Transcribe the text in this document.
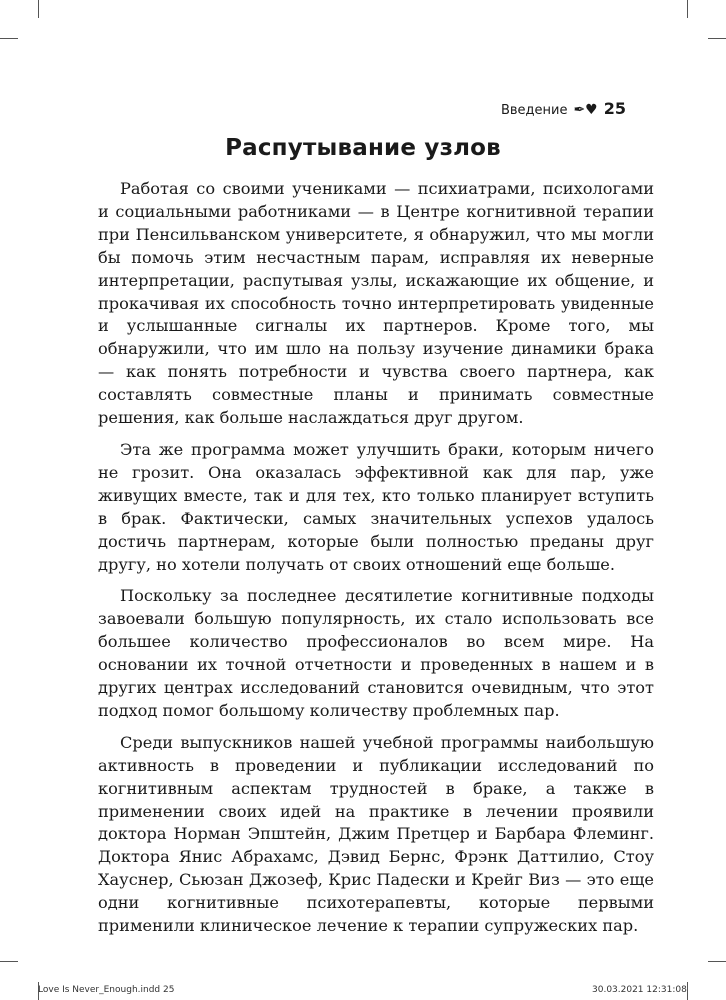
Введение ✒♥ 25
Распутывание узлов

Работая со своими учениками — психиатрами, психологами и социальными работниками — в Центре когнитивной терапии при Пенсильванском университете, я обнаружил, что мы могли бы помочь этим несчастным парам, исправляя их неверные интерпретации, распутывая узлы, искажающие их общение, и прокачивая их способность точно интерпретировать увиденные и услышанные сигналы их партнеров. Кроме того, мы обнаружили, что им шло на пользу изучение динамики брака — как понять потребности и чувства своего партнера, как составлять совместные планы и принимать совместные решения, как больше наслаждаться друг другом.

Эта же программа может улучшить браки, которым ничего не грозит. Она оказалась эффективной как для пар, уже живущих вместе, так и для тех, кто только планирует вступить в брак. Фактически, самых значительных успехов удалось достичь партнерам, которые были полностью преданы друг другу, но хотели получать от своих отношений еще больше.

Поскольку за последнее десятилетие когнитивные подходы завоевали большую популярность, их стало использовать все большее количество профессионалов во всем мире. На основании их точной отчетности и проведенных в нашем и в других центрах исследований становится очевидным, что этот подход помог большому количеству проблемных пар.

Среди выпускников нашей учебной программы наибольшую активность в проведении и публикации исследований по когнитивным аспектам трудностей в браке, а также в применении своих идей на практике в лечении проявили доктора Норман Эпштейн, Джим Претцер и Барбара Флеминг. Доктора Янис Абрахамс, Дэвид Бернс, Фрэнк Даттилио, Стоу Хауснер, Сьюзан Джозеф, Крис Падески и Крейг Виз — это еще одни когнитивные психотерапевты, которые первыми применили клиническое лечение к терапии супружеских пар.

Love Is Never_Enough.indd 25	30.03.2021 12:31:08
